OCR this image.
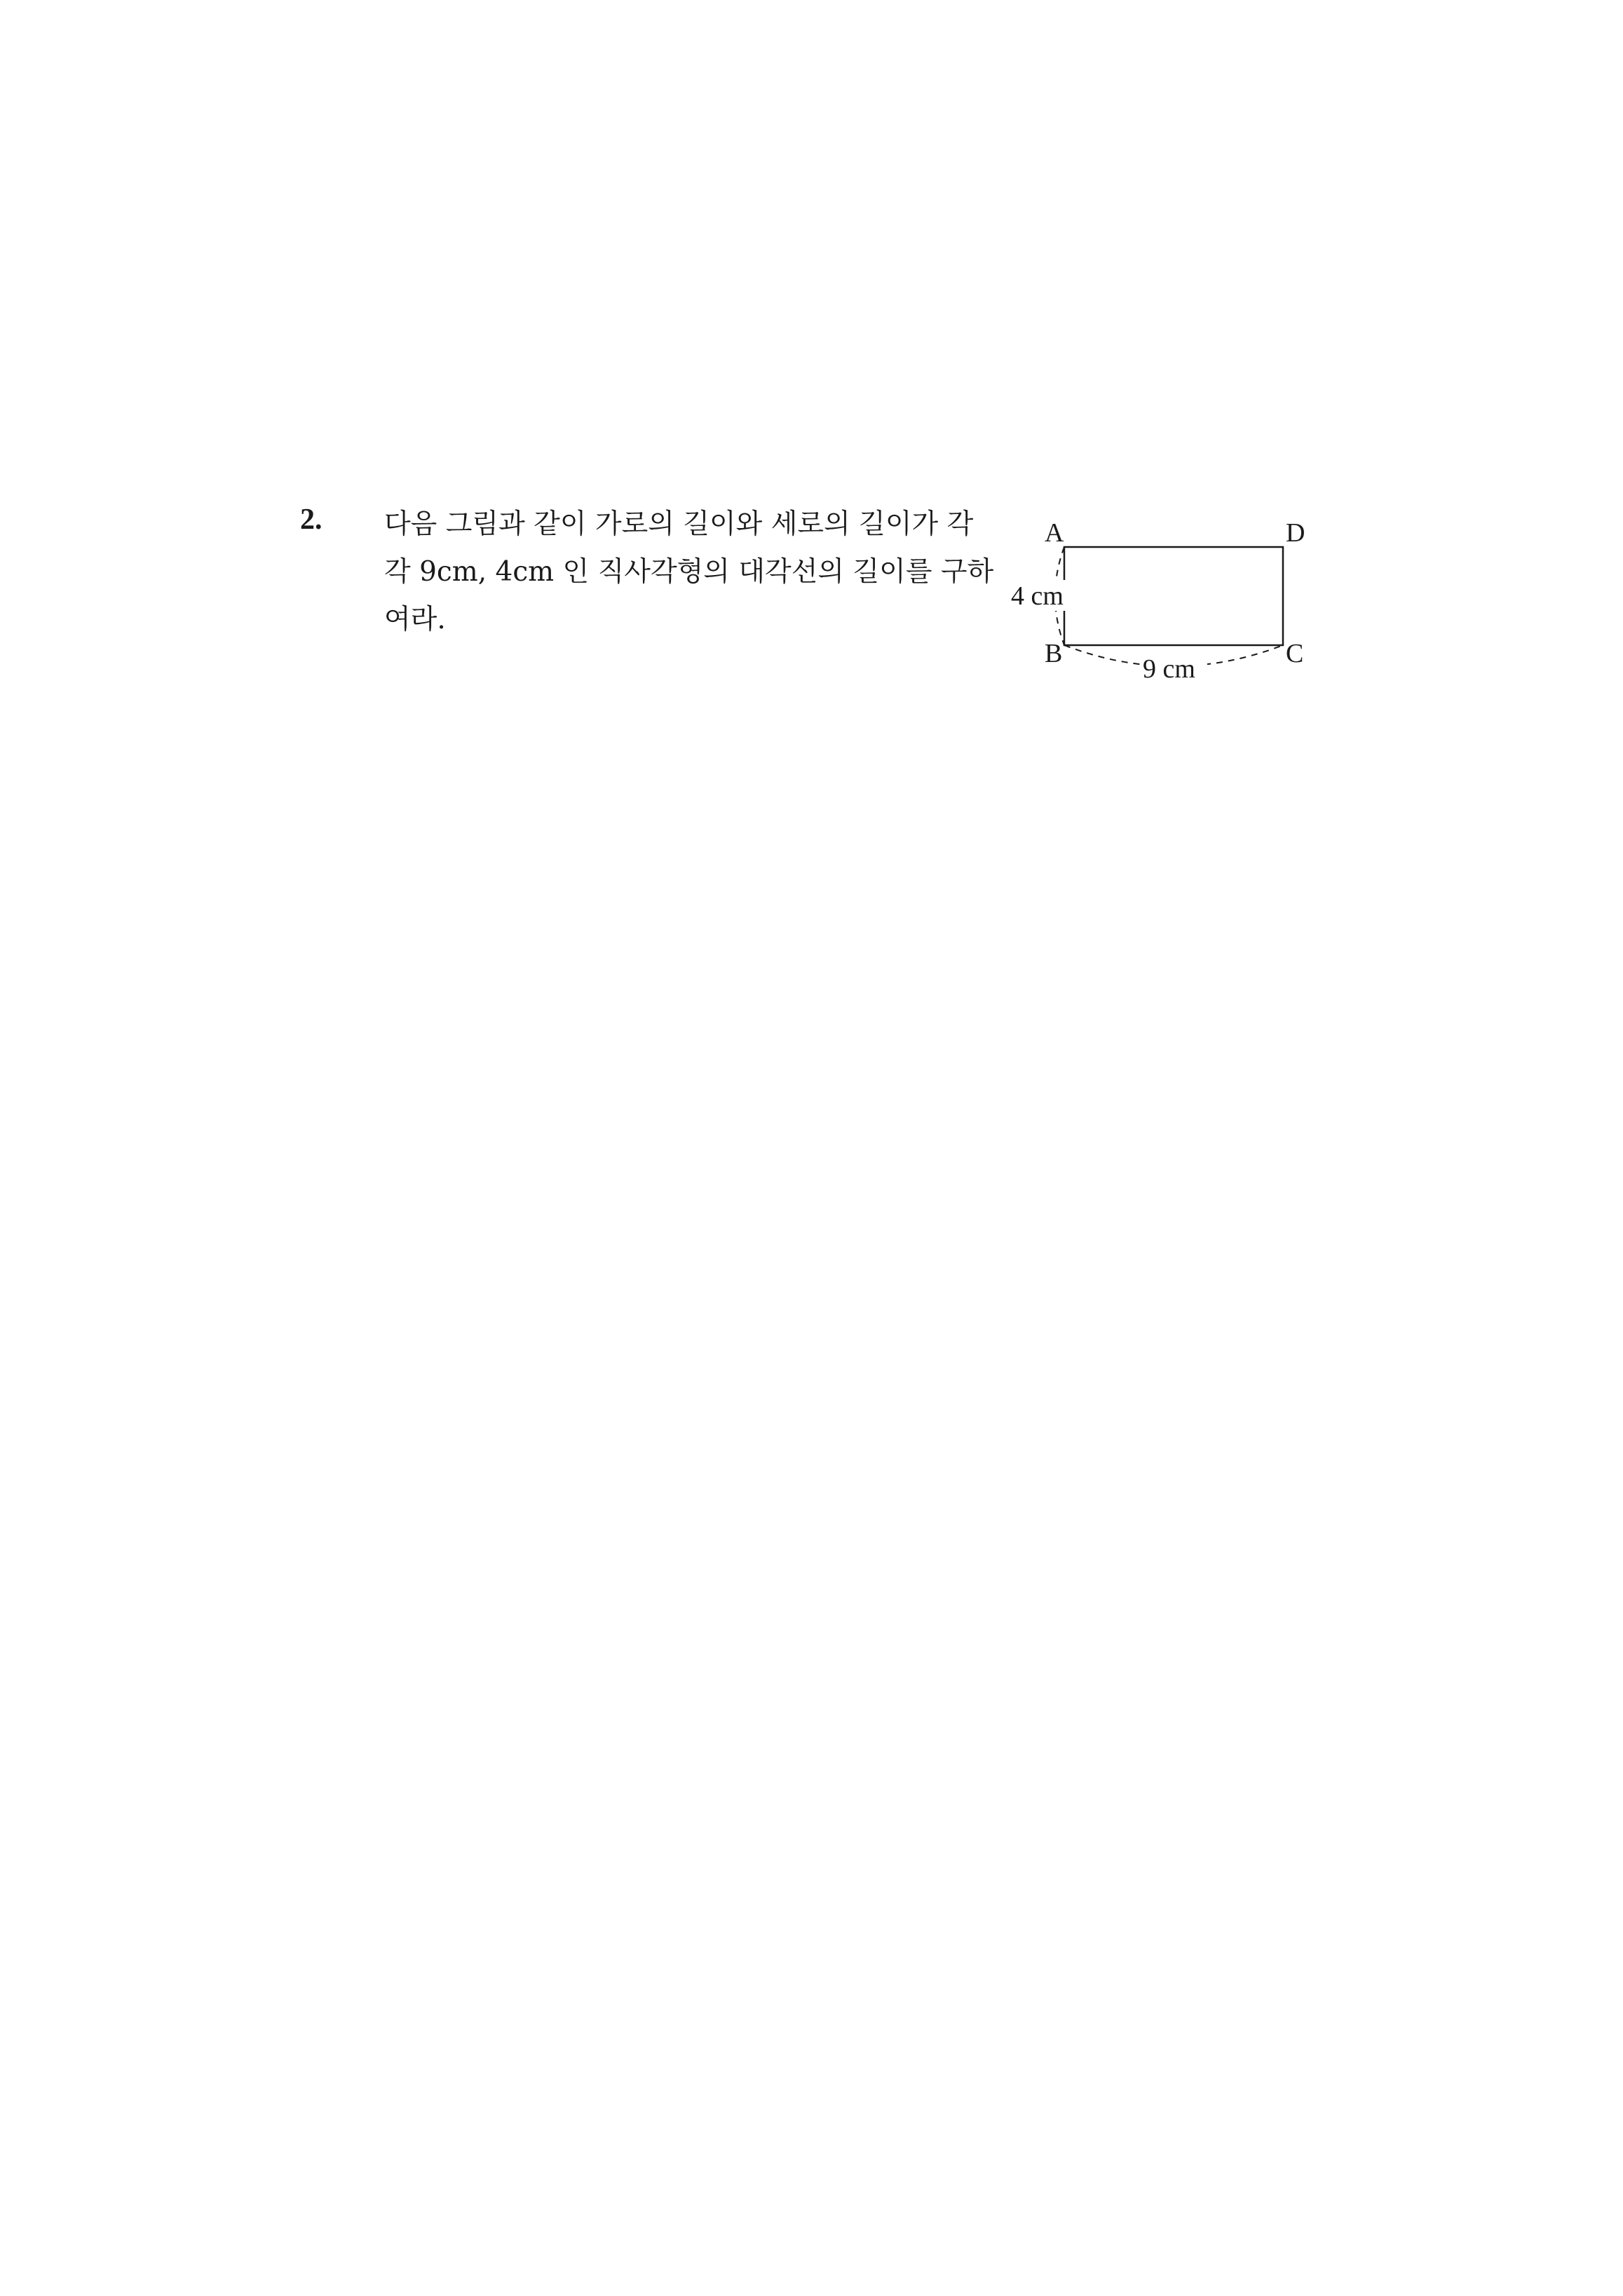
2. 다음 그림과 같이 가로의 길이와 세로의 길이가 각
각 9cm, 4cm 인 직사각형의 대각선의 길이를 구하
여라.
A	D
B	C
4 cm
9 cm
